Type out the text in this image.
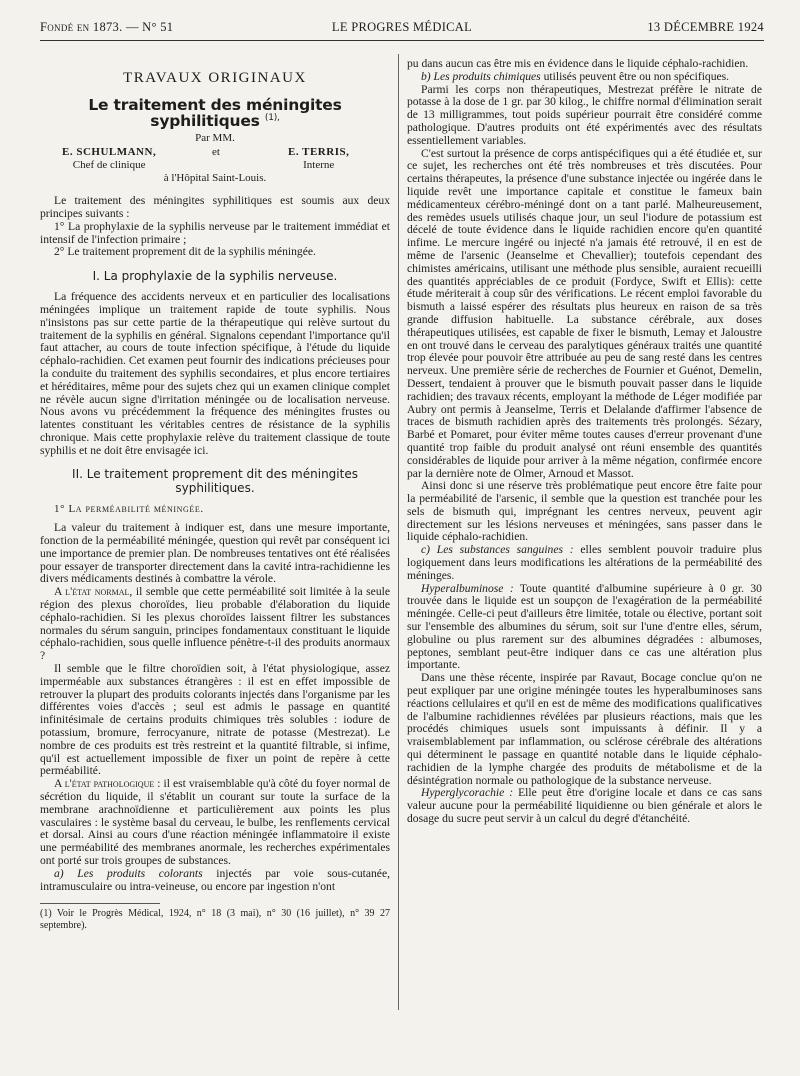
Fondé en 1873. — N° 51	LE PROGRES MÉDICAL	13 DÉCEMBRE 1924
TRAVAUX ORIGINAUX
Le traitement des méningites syphilitiques $^{(1),}$
Par MM.
E. SCHULMANN,
Chef de clinique
et	E. TERRIS,
Interne
à l'Hôpital Saint-Louis.

Le traitement des méningites syphilitiques est soumis aux deux principes suivants :

1° La prophylaxie de la syphilis nerveuse par le traitement immédiat et intensif de l'infection primaire ;

2° Le traitement proprement dit de la syphilis méningée.

I. La prophylaxie de la syphilis nerveuse.

La fréquence des accidents nerveux et en particulier des localisations méningées implique un traitement rapide de toute syphilis. Nous n'insistons pas sur cette partie de la thérapeutique qui relève surtout du traitement de la syphilis en général. Signalons cependant l'importance qu'il faut attacher, au cours de toute infection spécifique, à l'étude du liquide céphalo-rachidien. Cet examen peut fournir des indications précieuses pour la conduite du traitement des syphilis secondaires, et plus encore tertiaires et héréditaires, même pour des sujets chez qui un examen clinique complet ne révèle aucun signe d'irritation méningée ou de localisation nerveuse. Nous avons vu précédemment la fréquence des méningites frustes ou latentes constituant les véritables centres de résistance de la syphilis chronique. Mais cette prophylaxie relève du traitement classique de toute syphilis et ne doit être envisagée ici.

II. Le traitement proprement dit des méningites syphilitiques.
1° La perméabilité méningée.

La valeur du traitement à indiquer est, dans une mesure importante, fonction de la perméabilité méningée, question qui revêt par conséquent ici une importance de premier plan. De nombreuses tentatives ont été réalisées pour essayer de transporter directement dans la cavité intra-rachidienne les divers médicaments destinés à combattre la vérole.

A l'état normal, il semble que cette perméabilité soit limitée à la seule région des plexus choroïdes, lieu probable d'élaboration du liquide céphalo-rachidien. Si les plexus choroïdes laissent filtrer les substances normales du sérum sanguin, principes fondamentaux constituant le liquide céphalo-rachidien, sous quelle influence pénètre-t-il des produits anormaux ?

Il semble que le filtre choroïdien soit, à l'état physiologique, assez imperméable aux substances étrangères : il est en effet impossible de retrouver la plupart des produits colorants injectés dans l'organisme par les différentes voies d'accès ; seul est admis le passage en quantité infinitésimale de certains produits chimiques très solubles : iodure de potassium, bromure, ferrocyanure, nitrate de potasse (Mestrezat). Le nombre de ces produits est très restreint et la quantité filtrable, si infime, qu'il est actuellement impossible de fixer un point de repère à cette perméabilité.

A l'état pathologique : il est vraisemblable qu'à côté du foyer normal de sécrétion du liquide, il s'établit un courant sur toute la surface de la membrane arachnoïdienne et particulièrement aux points les plus vasculaires : le système basal du cerveau, le bulbe, les renflements cervical et dorsal. Ainsi au cours d'une réaction méningée inflammatoire il existe une perméabilité des membranes anormale, les recherches expérimentales ont porté sur trois groupes de substances.

a) Les produits colorants injectés par voie sous-cutanée, intramusculaire ou intra-veineuse, ou encore par ingestion n'ont

(1) Voir le Progrès Médical, 1924, n° 18 (3 mai), n° 30 (16 juillet), n° 39 27 septembre).

pu dans aucun cas être mis en évidence dans le liquide céphalo-rachidien.

b) Les produits chimiques utilisés peuvent être ou non spécifiques.

Parmi les corps non thérapeutiques, Mestrezat préfère le nitrate de potasse à la dose de 1 gr. par 30 kilog., le chiffre normal d'élimination serait de 13 milligrammes, tout poids supérieur pourrait être considéré comme pathologique. D'autres produits ont été expérimentés avec des résultats essentiellement variables.

C'est surtout la présence de corps antispécifiques qui a été étudiée et, sur ce sujet, les recherches ont été très nombreuses et très discutées. Pour certains thérapeutes, la présence d'une substance injectée ou ingérée dans le liquide revêt une importance capitale et constitue le fameux bain médicamenteux cérébro-méningé dont on a tant parlé. Malheureusement, des remèdes usuels utilisés chaque jour, un seul l'iodure de potassium est décelé de toute évidence dans le liquide rachidien encore qu'en quantité infime. Le mercure ingéré ou injecté n'a jamais été retrouvé, il en est de même de l'arsenic (Jeanselme et Chevallier); toutefois cependant des chimistes américains, utilisant une méthode plus sensible, auraient recueilli des quantités appréciables de ce produit (Fordyce, Swift et Ellis): cette étude mériterait à coup sûr des vérifications. Le récent emploi favorable du bismuth a laissé espérer des résultats plus heureux en raison de sa très grande diffusion habituelle. La substance cérébrale, aux doses thérapeutiques utilisées, est capable de fixer le bismuth, Lemay et Jaloustre en ont trouvé dans le cerveau des paralytiques généraux traités une quantité trop élevée pour pouvoir être attribuée au peu de sang resté dans les centres nerveux. Une première série de recherches de Fournier et Guénot, Demelin, Dessert, tendaient à prouver que le bismuth pouvait passer dans le liquide rachidien; des travaux récents, employant la méthode de Léger modifiée par Aubry ont permis à Jeanselme, Terris et Delalande d'affirmer l'absence de traces de bismuth rachidien après des traitements très prolongés. Sézary, Barbé et Pomaret, pour éviter même toutes causes d'erreur provenant d'une quantité trop faible du produit analysé ont réuni ensemble des quantités considérables de liquide pour arriver à la même négation, confirmée encore par la dernière note de Olmer, Arnoud et Massot.

Ainsi donc si une réserve très problématique peut encore être faite pour la perméabilité de l'arsenic, il semble que la question est tranchée pour les sels de bismuth qui, imprégnant les centres nerveux, peuvent agir directement sur les lésions nerveuses et méningées, sans passer dans le liquide céphalo-rachidien.

c) Les substances sanguines : elles semblent pouvoir traduire plus logiquement dans leurs modifications les altérations de la perméabilité des méninges.

Hyperalbuminose : Toute quantité d'albumine supérieure à 0 gr. 30 trouvée dans le liquide est un soupçon de l'exagération de la perméabilité méningée. Celle-ci peut d'ailleurs être limitée, totale ou élective, portant soit sur l'ensemble des albumines du sérum, soit sur l'une d'entre elles, sérum, globuline ou plus rarement sur des albumines dégradées : albumoses, peptones, semblant peut-être indiquer dans ce cas une altération plus importante.

Dans une thèse récente, inspirée par Ravaut, Bocage conclue qu'on ne peut expliquer par une origine méningée toutes les hyperalbuminoses sans réactions cellulaires et qu'il en est de même des modifications qualificatives de l'albumine rachidiennes révélées par plusieurs réactions, mais que les procédés chimiques usuels sont impuissants à définir. Il y a vraisemblablement par inflammation, ou sclérose cérébrale des altérations qui déterminent le passage en quantité notable dans le liquide céphalo-rachidien de la lymphe chargée des produits de métabolisme et de la désintégration normale ou pathologique de la substance nerveuse.

Hyperglycorachie : Elle peut être d'origine locale et dans ce cas sans valeur aucune pour la perméabilité liquidienne ou bien générale et alors le dosage du sucre peut servir à un calcul du degré d'étanchéité.
